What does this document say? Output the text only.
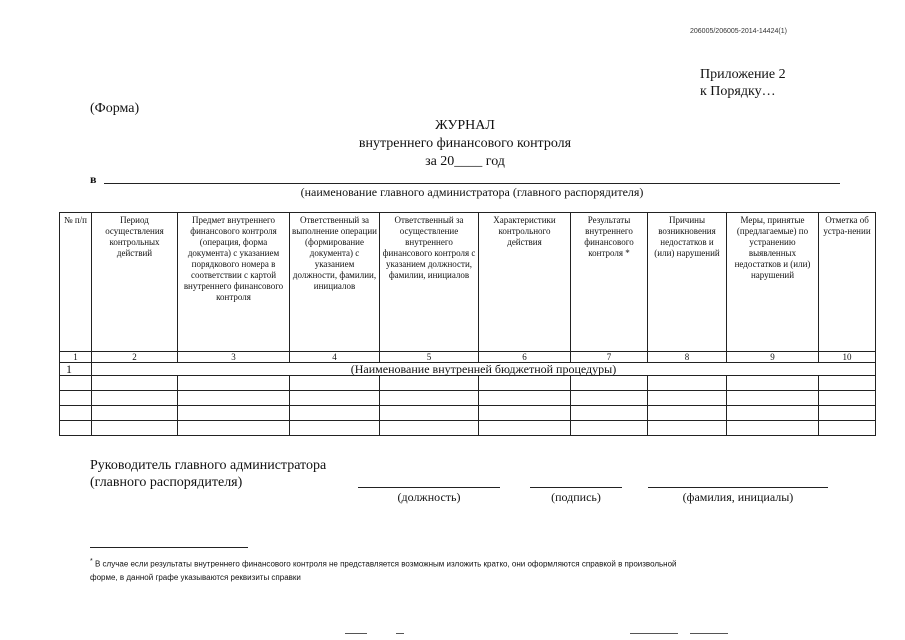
206005/206005-2014-14424(1)
Приложение 2
к Порядку…
(Форма)
ЖУРНАЛ
внутреннего финансового контроля
за 20____ год
в
(наименование главного администратора (главного распорядителя)
№ п/п	Период осуществления контрольных действий	Предмет внутреннего финансового контроля (операция, форма документа) с указанием порядкового номера в соответствии с картой внутреннего финансового контроля	Ответственный за выполнение операции (формирование документа) с указанием должности, фамилии, инициалов	Ответственный за осуществление внутреннего финансового контроля с указанием должности, фамилии, инициалов	Характеристики контрольного действия	Результаты внутреннего финансового контроля *	Причины возникновения недостатков и (или) нарушений	Меры, принятые (предлагаемые) по устранению выявленных недостатков и (или) нарушений	Отметка об устра-нении
1	2	3	4	5	6	7	8	9	10
1	(Наименование внутренней бюджетной процедуры)								

Руководитель главного администратора
(главного распорядителя)
(должность)	(подпись)	(фамилия, инициалы)
* В случае если результаты внутреннего финансового контроля не представляется возможным изложить кратко, они оформляются справкой в произвольной
форме, в данной графе указываются реквизиты справки
